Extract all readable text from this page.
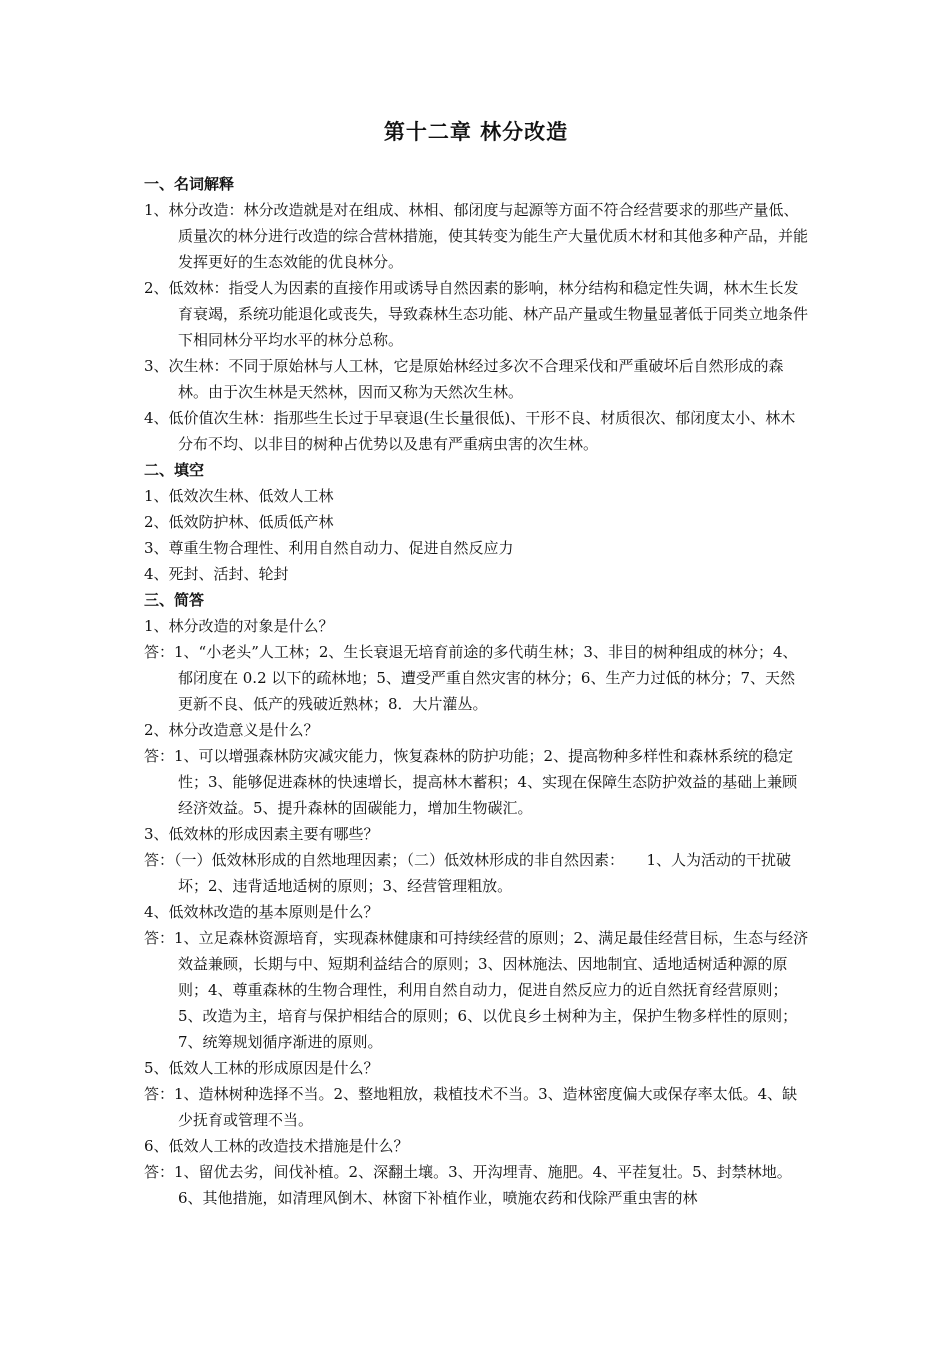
第十二章 林分改造

一、名词解释

1、林分改造：林分改造就是对在组成、林相、郁闭度与起源等方面不符合经营要求的那些产量低、质量次的林分进行改造的综合营林措施，使其转变为能生产大量优质木材和其他多种产品，并能发挥更好的生态效能的优良林分。

2、低效林：指受人为因素的直接作用或诱导自然因素的影响，林分结构和稳定性失调，林木生长发育衰竭，系统功能退化或丧失，导致森林生态功能、林产品产量或生物量显著低于同类立地条件下相同林分平均水平的林分总称。

3、次生林：不同于原始林与人工林，它是原始林经过多次不合理采伐和严重破坏后自然形成的森林。由于次生林是天然林，因而又称为天然次生林。

4、低价值次生林：指那些生长过于早衰退(生长量很低)、干形不良、材质很次、郁闭度太小、林木分布不均、以非目的树种占优势以及患有严重病虫害的次生林。

二、填空

1、低效次生林、低效人工林

2、低效防护林、低质低产林

3、尊重生物合理性、利用自然自动力、促进自然反应力

4、死封、活封、轮封

三、简答

1、林分改造的对象是什么？

答：1、“小老头”人工林；2、生长衰退无培育前途的多代萌生林；3、非目的树种组成的林分；4、郁闭度在 0.2 以下的疏林地；5、遭受严重自然灾害的林分；6、生产力过低的林分；7、天然更新不良、低产的残破近熟林；8．大片灌丛。

2、林分改造意义是什么？

答：1、可以增强森林防灾减灾能力，恢复森林的防护功能；2、提高物种多样性和森林系统的稳定性；3、能够促进森林的快速增长，提高林木蓄积；4、实现在保障生态防护效益的基础上兼顾经济效益。5、提升森林的固碳能力，增加生物碳汇。

3、低效林的形成因素主要有哪些？

答：（一）低效林形成的自然地理因素；（二）低效林形成的非自然因素：　　1、人为活动的干扰破坏；2、违背适地适树的原则；3、经营管理粗放。

4、低效林改造的基本原则是什么？

答：1、立足森林资源培育，实现森林健康和可持续经营的原则；2、满足最佳经营目标，生态与经济效益兼顾，长期与中、短期利益结合的原则；3、因林施法、因地制宜、适地适树适种源的原则；4、尊重森林的生物合理性，利用自然自动力，促进自然反应力的近自然抚育经营原则；5、改造为主，培育与保护相结合的原则；6、以优良乡土树种为主，保护生物多样性的原则；7、统筹规划循序渐进的原则。

5、低效人工林的形成原因是什么？

答：1、造林树种选择不当。2、整地粗放，栽植技术不当。3、造林密度偏大或保存率太低。4、缺少抚育或管理不当。

6、低效人工林的改造技术措施是什么？

答：1、留优去劣，间伐补植。2、深翻土壤。3、开沟埋青、施肥。4、平茬复壮。5、封禁林地。6、其他措施，如清理风倒木、林窗下补植作业，喷施农药和伐除严重虫害的林
